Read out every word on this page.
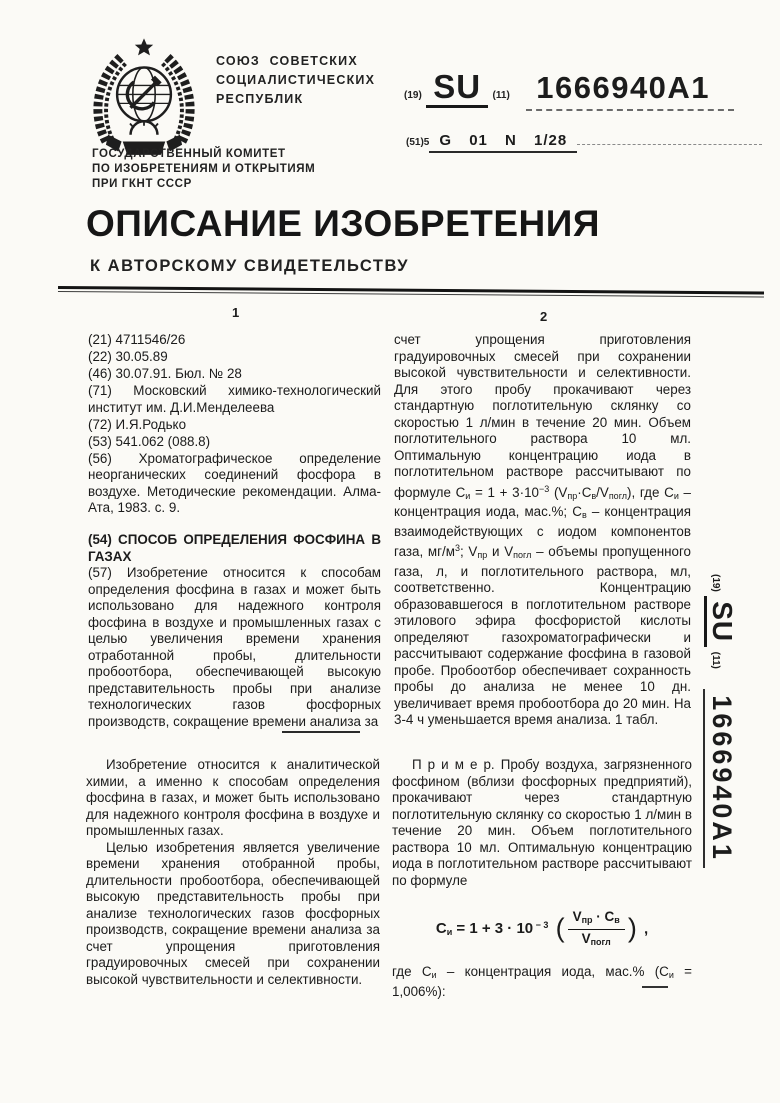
СОЮЗ СОВЕТСКИХ
СОЦИАЛИСТИЧЕСКИХ
РЕСПУБЛИК	(19) SU (11) 1666940A1
(51)5 G 01 N 1/28
ГОСУДАРСТВЕННЫЙ КОМИТЕТ
ПО ИЗОБРЕТЕНИЯМ И ОТКРЫТИЯМ
ПРИ ГКНТ СССР
ОПИСАНИЕ ИЗОБРЕТЕНИЯ
К АВТОРСКОМУ СВИДЕТЕЛЬСТВУ
1	2
(21) 4711546/26
(22) 30.05.89
(46) 30.07.91. Бюл. № 28
(71) Московский химико-технологический институт им. Д.И.Менделеева
(72) И.Я.Родько
(53) 541.062 (088.8)
(56) Хроматографическое определение неорганических соединений фосфора в воздухе. Методические рекомендации. Алма-Ата, 1983. с. 9.

(54) СПОСОБ ОПРЕДЕЛЕНИЯ ФОСФИНА В ГАЗАХ

(57) Изобретение относится к способам определения фосфина в газах и может быть использовано для надежного контроля фосфина в воздухе и промышленных газах с целью увеличения времени хранения отработанной пробы, длительности пробоотбора, обеспечивающей высокую представительность пробы при анализе технологических газов фосфорных производств, сокращение времени анализа за

счет упрощения приготовления градуировочных смесей при сохранении высокой чувствительности и селективности. Для этого пробу прокачивают через стандартную поглотительную склянку со скоростью 1 л/мин в течение 20 мин. Объем поглотительного раствора 10 мл. Оптимальную концентрацию иода в поглотительном растворе рассчитывают по формуле $С_и = 1 + 3\cdot 10^{-3}$ $(V_{пр}\cdot С_в/V_{погл})$, где $С_и$ – концентрация иода, мас.%; $С_в$ – концентрация взаимодействующих с иодом компонентов газа, $мг/м^3$; $V_{пр}$ и $V_{погл}$ – объемы пропущенного газа, л, и поглотительного раствора, мл, соответственно. Концентрацию образовавшегося в поглотительном растворе этилового эфира фосфористой кислоты определяют газохроматографически и рассчитывают содержание фосфина в газовой пробе. Пробоотбор обеспечивает сохранность пробы до анализа не менее 10 дн. увеличивает время пробоотбора до 20 мин. На 3-4 ч уменьшается время анализа. 1 табл.

Изобретение относится к аналитической химии, а именно к способам определения фосфина в газах, и может быть использовано для надежного контроля фосфина в воздухе и промышленных газах.

Целью изобретения является увеличение времени хранения отобранной пробы, длительности пробоотбора, обеспечивающей высокую представительность пробы при анализе технологических газов фосфорных производств, сокращение времени анализа за счет упрощения приготовления градуировочных смесей при сохранении высокой чувствительности и селективности.

П р и м е р. Пробу воздуха, загрязненного фосфином (вблизи фосфорных предприятий), прокачивают через стандартную поглотительную склянку со скоростью 1 л/мин в течение 20 мин. Объем поглотительного раствора 10 мл. Оптимальную концентрацию иода в поглотительном растворе рассчитывают по формуле

$С_и = 1 + 3 \cdot 10$ $^{- 3}$ ( $\frac{V_{пр} \cdot С_в}{V_{погл}}$ ) ,

где $С_и$ – концентрация иода, мас.% $(С_и = 1,006\%)$:

(19) SU (11) 1666940А1
